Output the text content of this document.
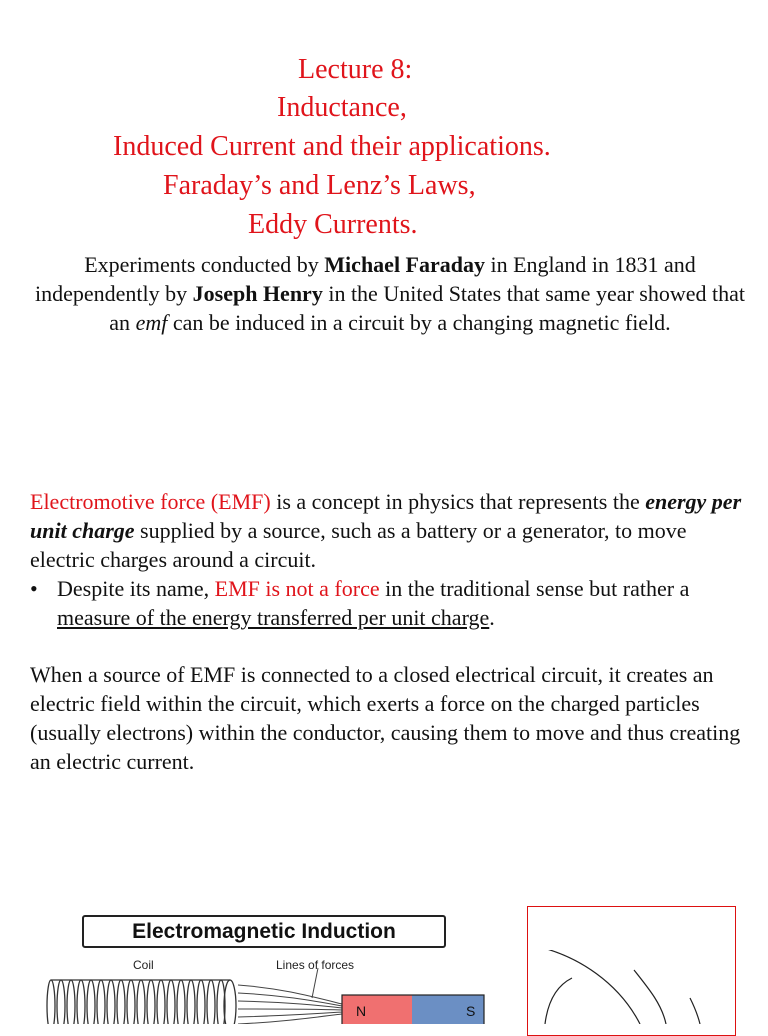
Lecture 8:
Inductance,
Induced Current and their applications.
Faraday’s and Lenz’s Laws,
Eddy Currents.
Experiments conducted by Michael Faraday in England in 1831 and independently by Joseph Henry in the United States that same year showed that an emf can be induced in a circuit by a changing magnetic field.
Electromotive force (EMF) is a concept in physics that represents the energy per unit charge supplied by a source, such as a battery or a generator, to move electric charges around a circuit.
• Despite its name, EMF is not a force in the traditional sense but rather a measure of the energy transferred per unit charge.
When a source of EMF is connected to a closed electrical circuit, it creates an electric field within the circuit, which exerts a force on the charged particles (usually electrons) within the conductor, causing them to move and thus creating an electric current.
Electromagnetic Induction
Coil	Lines of forces
N	S
